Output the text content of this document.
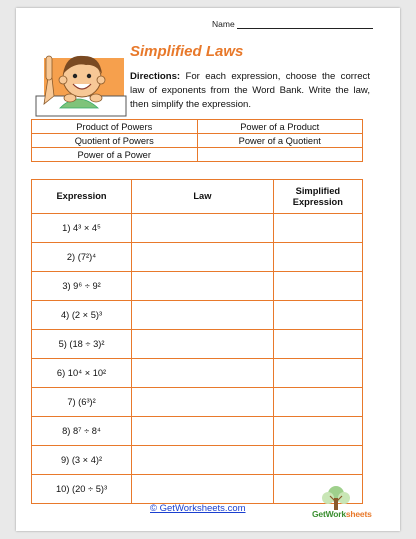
Name
Simplified Laws
Directions: For each expression, choose the correct law of exponents from the Word Bank. Write the law, then simplify the expression.
Product of Powers	Power of a Product
Quotient of Powers	Power of a Quotient
Power of a Power	
Expression	Law	Simplified Expression
1) 4³ × 4⁵		
2) (7²)⁴		
3) 9⁶ ÷ 9²		
4) (2 × 5)³		
5) (18 ÷ 3)²		
6) 10⁴ × 10²		
7) (6³)²		
8) 8⁷ ÷ 8⁴		
9) (3 × 4)²		
10) (20 ÷ 5)³		
© GetWorksheets.com	GetWorksheets
